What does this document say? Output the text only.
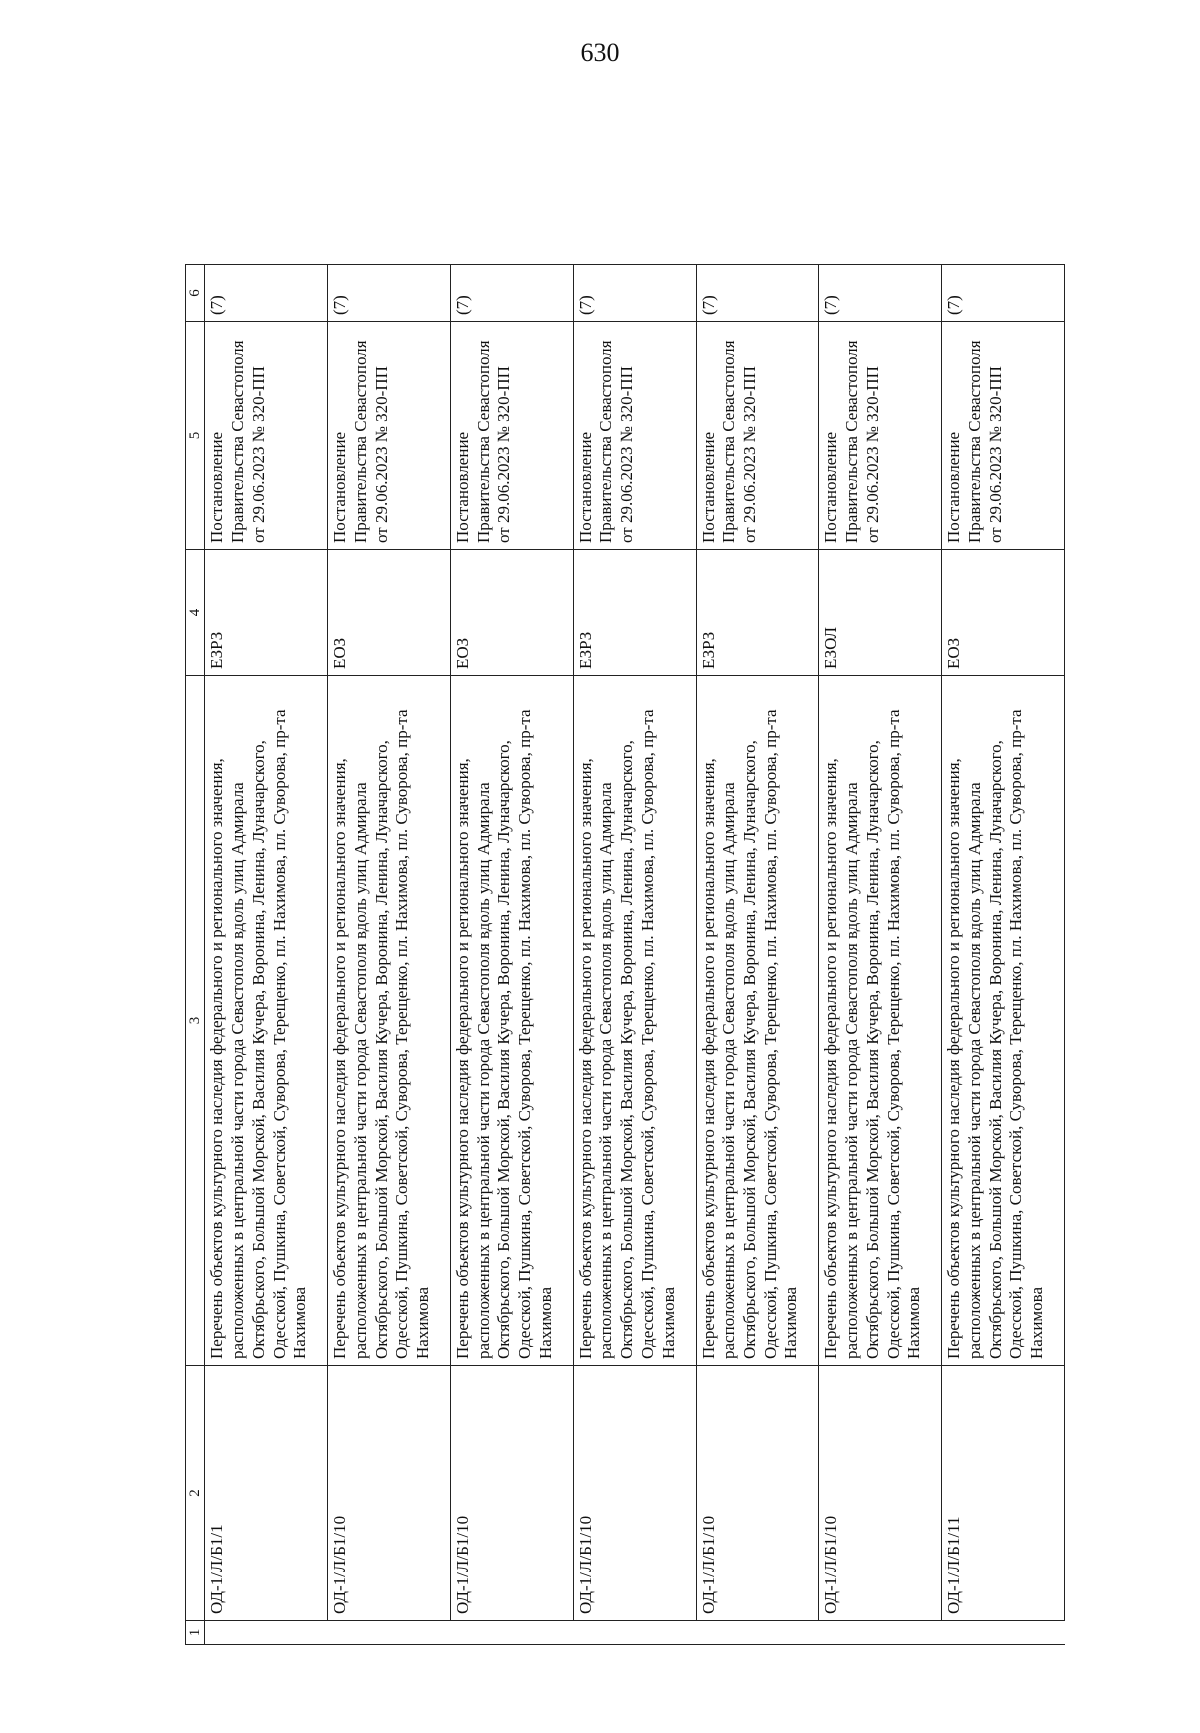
630
1	2	3	4	5	6
	ОД-1/Л/Б1/1	Перечень объектов культурного наследия федерального и регионального значения, расположенных в центральной части города Севастополя вдоль улиц Адмирала Октябрьского, Большой Морской, Василия Кучера, Воронина, Ленина, Луначарского, Одесской, Пушкина, Советской, Суворова, Терещенко, пл. Нахимова, пл. Суворова, пр-та Нахимова	ЕЗРЗ	Постановление Правительства Севастополя от 29.06.2023 № 320-ПП	(7)
	ОД-1/Л/Б1/10	Перечень объектов культурного наследия федерального и регионального значения, расположенных в центральной части города Севастополя вдоль улиц Адмирала Октябрьского, Большой Морской, Василия Кучера, Воронина, Ленина, Луначарского, Одесской, Пушкина, Советской, Суворова, Терещенко, пл. Нахимова, пл. Суворова, пр-та Нахимова	ЕОЗ	Постановление Правительства Севастополя от 29.06.2023 № 320-ПП	(7)
	ОД-1/Л/Б1/10	Перечень объектов культурного наследия федерального и регионального значения, расположенных в центральной части города Севастополя вдоль улиц Адмирала Октябрьского, Большой Морской, Василия Кучера, Воронина, Ленина, Луначарского, Одесской, Пушкина, Советской, Суворова, Терещенко, пл. Нахимова, пл. Суворова, пр-та Нахимова	ЕОЗ	Постановление Правительства Севастополя от 29.06.2023 № 320-ПП	(7)
	ОД-1/Л/Б1/10	Перечень объектов культурного наследия федерального и регионального значения, расположенных в центральной части города Севастополя вдоль улиц Адмирала Октябрьского, Большой Морской, Василия Кучера, Воронина, Ленина, Луначарского, Одесской, Пушкина, Советской, Суворова, Терещенко, пл. Нахимова, пл. Суворова, пр-та Нахимова	ЕЗРЗ	Постановление Правительства Севастополя от 29.06.2023 № 320-ПП	(7)
	ОД-1/Л/Б1/10	Перечень объектов культурного наследия федерального и регионального значения, расположенных в центральной части города Севастополя вдоль улиц Адмирала Октябрьского, Большой Морской, Василия Кучера, Воронина, Ленина, Луначарского, Одесской, Пушкина, Советской, Суворова, Терещенко, пл. Нахимова, пл. Суворова, пр-та Нахимова	ЕЗРЗ	Постановление Правительства Севастополя от 29.06.2023 № 320-ПП	(7)
	ОД-1/Л/Б1/10	Перечень объектов культурного наследия федерального и регионального значения, расположенных в центральной части города Севастополя вдоль улиц Адмирала Октябрьского, Большой Морской, Василия Кучера, Воронина, Ленина, Луначарского, Одесской, Пушкина, Советской, Суворова, Терещенко, пл. Нахимова, пл. Суворова, пр-та Нахимова	ЕЗОЛ	Постановление Правительства Севастополя от 29.06.2023 № 320-ПП	(7)
	ОД-1/Л/Б1/11	Перечень объектов культурного наследия федерального и регионального значения, расположенных в центральной части города Севастополя вдоль улиц Адмирала Октябрьского, Большой Морской, Василия Кучера, Воронина, Ленина, Луначарского, Одесской, Пушкина, Советской, Суворова, Терещенко, пл. Нахимова, пл. Суворова, пр-та Нахимова	ЕОЗ	Постановление Правительства Севастополя от 29.06.2023 № 320-ПП	(7)
